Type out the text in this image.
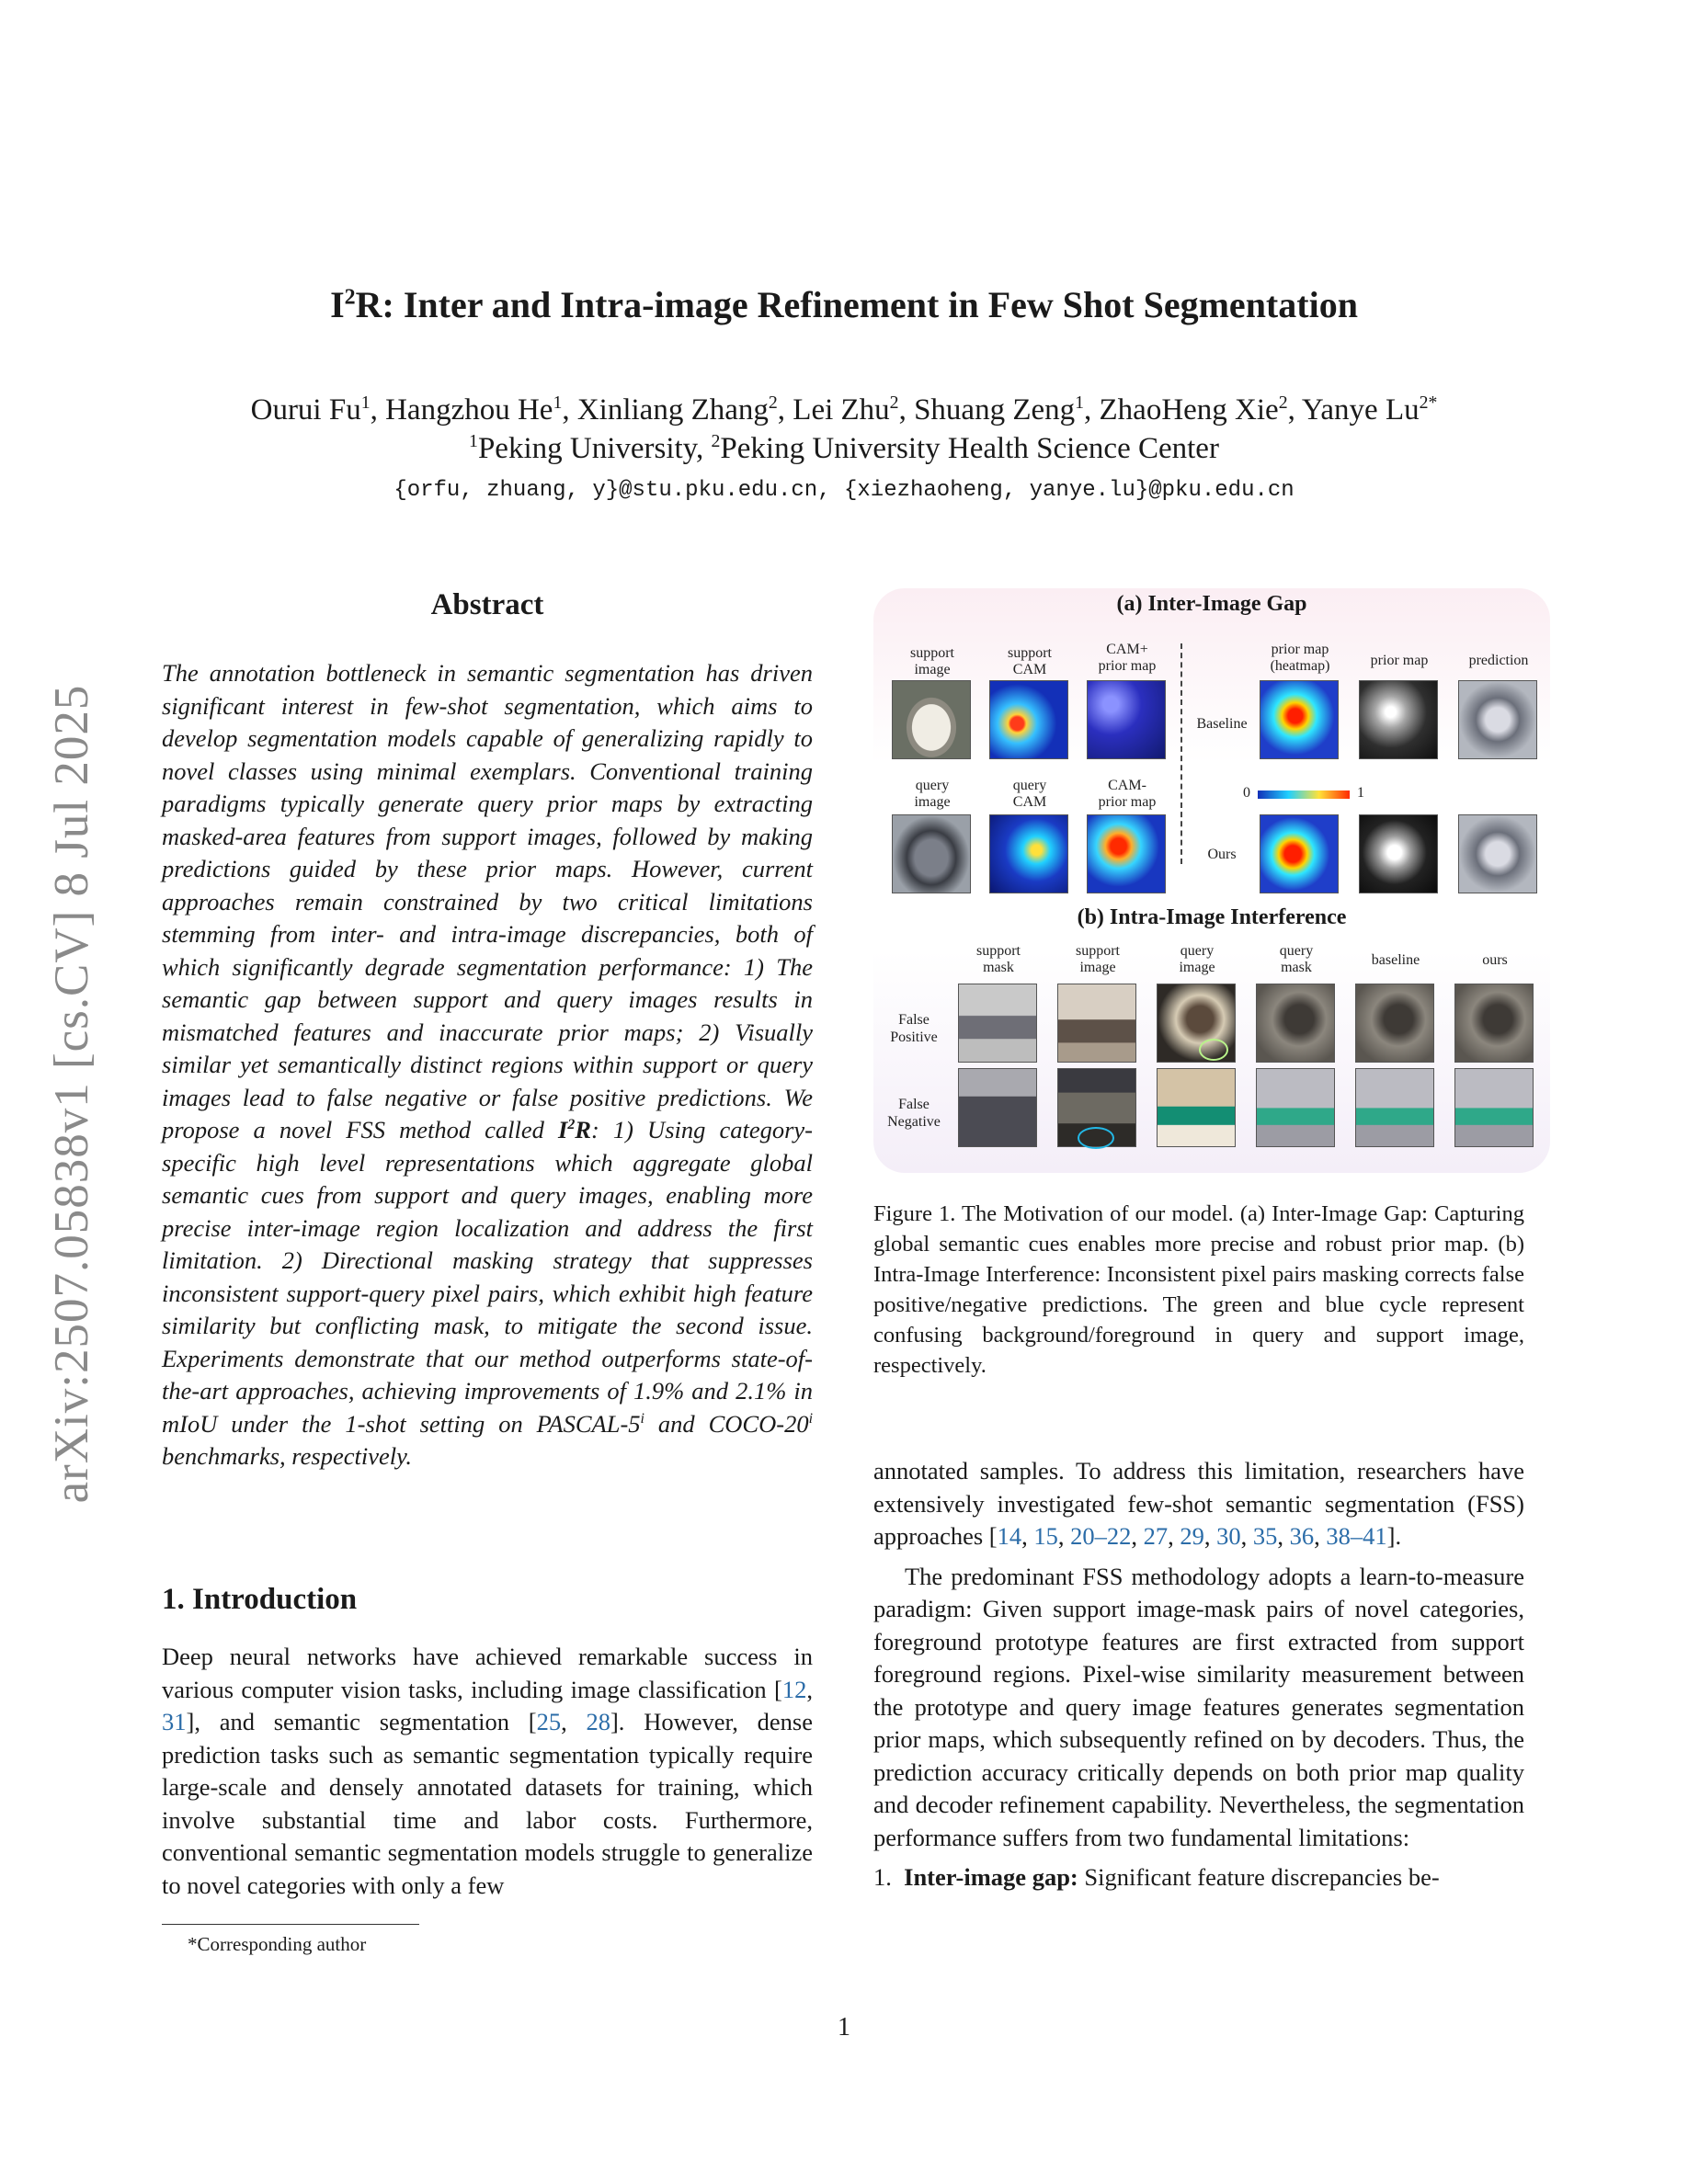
arXiv:2507.05838v1 [cs.CV] 8 Jul 2025
$I^2R$: Inter and Intra-image Refinement in Few Shot Segmentation
Ourui Fu$^1$, Hangzhou He$^1$, Xinliang Zhang$^2$, Lei Zhu$^2$, Shuang Zeng$^1$, ZhaoHeng Xie$^2$, Yanye $Lu^{2*}$
$^1$Peking University, $^2$Peking University Health Science Center
{orfu, zhuang, y}@stu.pku.edu.cn, {xiezhaoheng, yanye.lu}@pku.edu.cn
Abstract
The annotation bottleneck in semantic segmentation has driven significant interest in few-shot segmentation, which aims to develop segmentation models capable of generalizing rapidly to novel classes using minimal exemplars. Conventional training paradigms typically generate query prior maps by extracting masked-area features from support images, followed by making predictions guided by these prior maps. However, current approaches remain constrained by two critical limitations stemming from inter- and intra-image discrepancies, both of which significantly degrade segmentation performance: 1) The semantic gap between support and query images results in mismatched features and inaccurate prior maps; 2) Visually similar yet semantically distinct regions within support or query images lead to false negative or false positive predictions. We propose a novel FSS method called $I^2R$: 1) Using category-specific high level representations which aggregate global semantic cues from support and query images, enabling more precise inter-image region localization and address the first limitation. 2) Directional masking strategy that suppresses inconsistent support-query pixel pairs, which exhibit high feature similarity but conflicting mask, to mitigate the second issue. Experiments demonstrate that our method outperforms state-of-the-art approaches, achieving improvements of 1.9% and 2.1% in mIoU under the 1-shot setting on PASCAL-5$^i$ and COCO-20$^i$ benchmarks, respectively.
1. Introduction
Deep neural networks have achieved remarkable success in various computer vision tasks, including image classification [12, 31], and semantic segmentation [25, 28]. However, dense prediction tasks such as semantic segmentation typically require large-scale and densely annotated datasets for training, which involve substantial time and labor costs. Furthermore, conventional semantic segmentation models struggle to generalize to novel categories with only a few
*Corresponding author
(a) Inter-Image Gap
support
image
support
CAM
CAM+
prior map
prior map
(heatmap)	prior map	prediction
Baseline
query
image
query
CAM
CAM-
prior map
0	1
Ours
(b) Intra-Image Interference
support
mask
support
image
query
image
query
mask	baseline	ours
False
Positive
False
Negative
Figure 1. The Motivation of our model. (a) Inter-Image Gap: Capturing global semantic cues enables more precise and robust prior map. (b) Intra-Image Interference: Inconsistent pixel pairs masking corrects false positive/negative predictions. The green and blue cycle represent confusing background/foreground in query and support image, respectively.

annotated samples. To address this limitation, researchers have extensively investigated few-shot semantic segmentation (FSS) approaches [14, 15, 20–22, 27, 29, 30, 35, 36, 38–41].

The predominant FSS methodology adopts a learn-to-measure paradigm: Given support image-mask pairs of novel categories, foreground prototype features are first extracted from support foreground regions. Pixel-wise similarity measurement between the prototype and query image features generates segmentation prior maps, which subsequently refined on by decoders. Thus, the prediction accuracy critically depends on both prior map quality and decoder refinement capability. Nevertheless, the segmentation performance suffers from two fundamental limitations:

1. Inter-image gap: Significant feature discrepancies be-

1
